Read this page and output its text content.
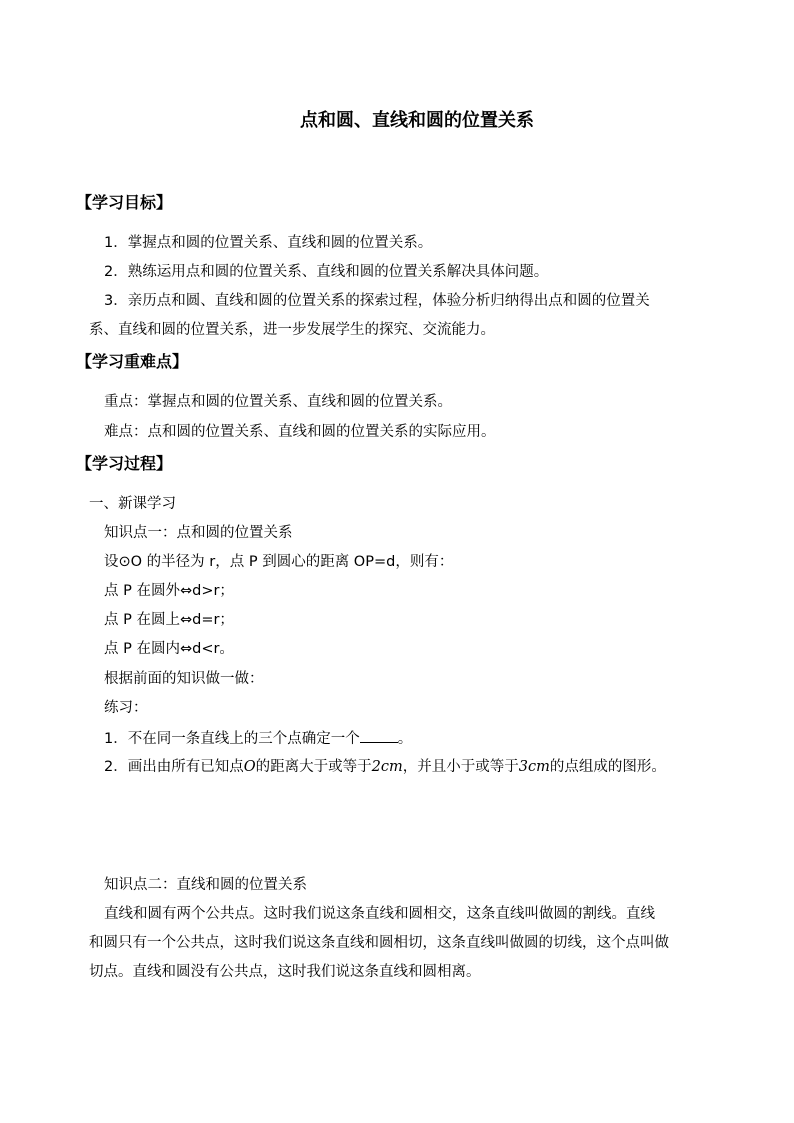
点和圆、直线和圆的位置关系
【学习目标】
1．掌握点和圆的位置关系、直线和圆的位置关系。
2．熟练运用点和圆的位置关系、直线和圆的位置关系解决具体问题。
3．亲历点和圆、直线和圆的位置关系的探索过程，体验分析归纳得出点和圆的位置关
系、直线和圆的位置关系，进一步发展学生的探究、交流能力。
【学习重难点】
重点：掌握点和圆的位置关系、直线和圆的位置关系。
难点：点和圆的位置关系、直线和圆的位置关系的实际应用。
【学习过程】
一、新课学习
知识点一：点和圆的位置关系
设⊙O 的半径为 r，点 P 到圆心的距离 OP=d，则有：
点 P 在圆外⇔d>r；
点 P 在圆上⇔d=r；
点 P 在圆内⇔d<r。
根据前面的知识做一做：
练习：
1．不在同一条直线上的三个点确定一个	。
2．画出由所有已知点O的距离大于或等于2cm，并且小于或等于3cm的点组成的图形。
知识点二：直线和圆的位置关系
直线和圆有两个公共点。这时我们说这条直线和圆相交，这条直线叫做圆的割线。直线
和圆只有一个公共点，这时我们说这条直线和圆相切，这条直线叫做圆的切线，这个点叫做
切点。直线和圆没有公共点，这时我们说这条直线和圆相离。
